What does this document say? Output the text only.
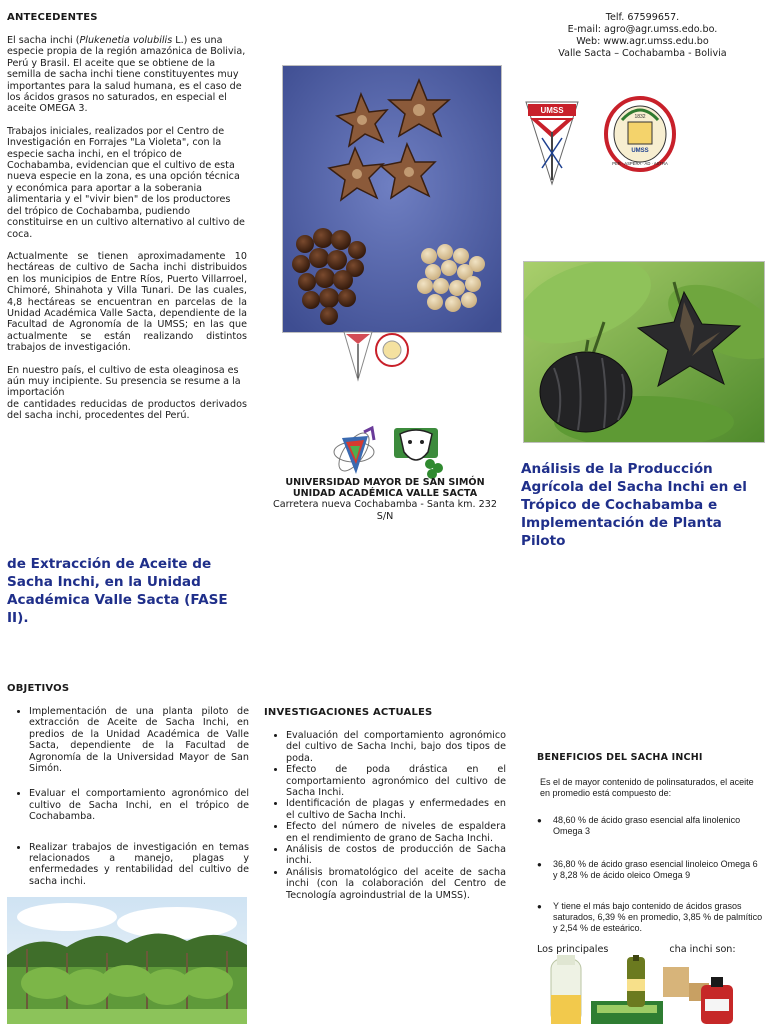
ANTECEDENTES

El sacha inchi (Plukenetia volubilis L.) es una especie propia de la región amazónica de Bolivia, Perú y Brasil. El aceite que se obtiene de la semilla de sacha inchi tiene constituyentes muy importantes para la salud humana, es el caso de los ácidos grasos no saturados, en especial el aceite OMEGA 3.

Trabajos iniciales, realizados por el Centro de Investigación en Forrajes "La Violeta", con la especie sacha inchi, en el trópico de Cochabamba, evidencian que el cultivo de esta nueva especie en la zona, es una opción técnica y económica para aportar a la soberania alimentaria y el "vivir bien" de los productores del trópico de Cochabamba, pudiendo constituirse en un cultivo alternativo al cultivo de coca.

Actualmente se tienen aproximadamente 10 hectáreas de cultivo de Sacha inchi distribuidos en los municipios de Entre Ríos, Puerto Villarroel, Chimoré, Shinahota y Villa Tunari. De las cuales, 4,8 hectáreas se encuentran en parcelas de la Unidad Académica Valle Sacta, dependiente de la Facultad de Agronomía de la UMSS; en las que actualmente se están realizando distintos trabajos de investigación.

En nuestro país, el cultivo de esta oleaginosa es aún muy incipiente. Su presencia se resume a la importación

de cantidades reducidas de productos derivados del sacha inchi, procedentes del Perú.

UNIVERSIDAD MAYOR DE SAN SIMÓN
UNIDAD ACADÉMICA VALLE SACTA
Carretera nueva Cochabamba - Santa km. 232
S/N
Telf. 67599657.
E-mail: agro@agr.umss.edo.bo.
Web: www.agr.umss.edu.bo
Valle Sacta – Cochabamba - Bolivia
UMSS
1832
UMSS
PER · ASPERA · AD · ASTRA
Análisis de la Producción Agrícola del Sacha Inchi en el Trópico de Cochabamba e Implementación de Planta Piloto
de Extracción de Aceite de Sacha Inchi, en la Unidad Académica Valle Sacta (FASE II).
OBJETIVOS
• Implementación de una planta piloto de extracción de Aceite de Sacha Inchi, en predios de la Unidad Académica de Valle Sacta, dependiente de la Facultad de Agronomía de la Universidad Mayor de San Simón.
• Evaluar el comportamiento agronómico del cultivo de Sacha Inchi, en el trópico de Cochabamba.
• Realizar trabajos de investigación en temas relacionados a manejo, plagas y enfermedades y rentabilidad del cultivo de sacha inchi.
INVESTIGACIONES ACTUALES
• Evaluación del comportamiento agronómico del cultivo de Sacha Inchi, bajo dos tipos de poda.
• Efecto de poda drástica en el comportamiento agronómico del cultivo de Sacha Inchi.
• Identificación de plagas y enfermedades en el cultivo de Sacha Inchi.
• Efecto del número de niveles de espaldera en el rendimiento de grano de Sacha Inchi.
• Análisis de costos de producción de Sacha inchi.
• Análisis bromatológico del aceite de sacha inchi (con la colaboración del Centro de Tecnología agroindustrial de la UMSS).
BENEFICIOS DEL SACHA INCHI
Es el de mayor contenido de polinsaturados, el aceite en promedio está compuesto de:
● 48,60 % de ácido graso esencial alfa linolenico Omega 3
● 36,80 % de ácido graso esencial linoleico Omega 6 y 8,28 % de ácido oleico Omega 9
● Y tiene el más bajo contenido de ácidos grasos saturados, 6,39 % en promedio, 3,85 % de palmítico y 2,54 % de esteárico.
Los principales                    cha inchi son:
